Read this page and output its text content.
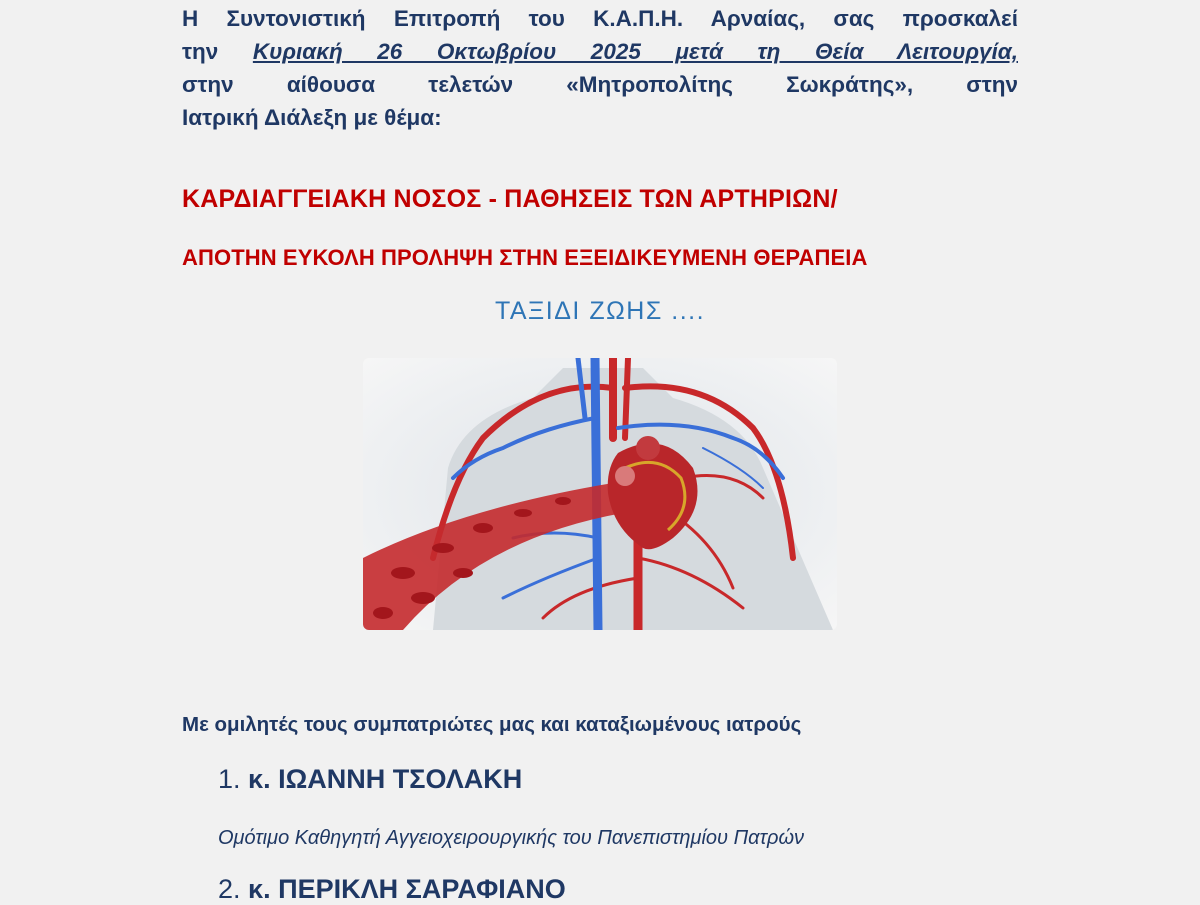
Η Συντονιστική Επιτροπή του Κ.Α.Π.Η. Αρναίας, σας προσκαλεί
την Κυριακή 26 Οκτωβρίου 2025 μετά τη Θεία Λειτουργία,
στην αίθουσα τελετών «Μητροπολίτης Σωκράτης», στην
Ιατρική Διάλεξη με θέμα:
ΚΑΡΔΙΑΓΓΕΙΑΚΗ ΝΟΣΟΣ - ΠΑΘΗΣΕΙΣ ΤΩΝ ΑΡΤΗΡΙΩΝ/
ΑΠΟΤΗΝ ΕΥΚΟΛΗ ΠΡΟΛΗΨΗ ΣΤΗΝ ΕΞΕΙΔΙΚΕΥΜΕΝΗ ΘΕΡΑΠΕΙΑ
ΤΑΞΙΔΙ ΖΩΗΣ ....
Με ομιλητές τους συμπατριώτες μας και καταξιωμένους ιατρούς
1. κ. ΙΩΑΝΝΗ ΤΣΟΛΑΚΗ
Ομότιμο Καθηγητή Αγγειοχειρουργικής του Πανεπιστημίου Πατρών
2. κ. ΠΕΡΙΚΛΗ ΣΑΡΑΦΙΑΝΟ
